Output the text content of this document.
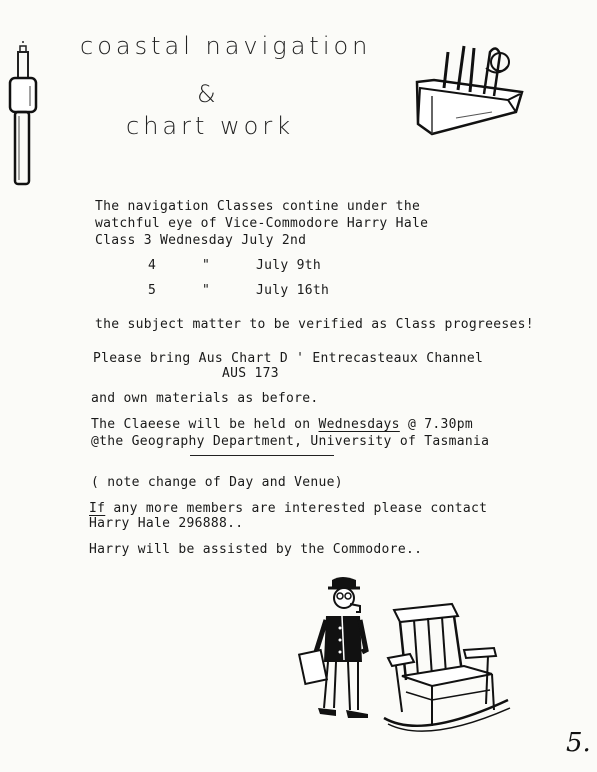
coastal navigation
&
chart work
The navigation Classes contine under the
watchful eye of Vice-Commodore Harry Hale
Class 3 Wednesday July 2nd
4	"	July 9th
5	"	July 16th
the subject matter to be verified as Class progreeses!
Please bring Aus Chart D ' Entrecasteaux Channel
AUS 173
and own materials as before.
The Claeese will be held on Wednesdays @ 7.30pm
@the Geography Department, University of Tasmania
( note change of Day and Venue)
If any more members are interested please contact
Harry Hale 296888..
Harry will be assisted by the Commodore..
5.
